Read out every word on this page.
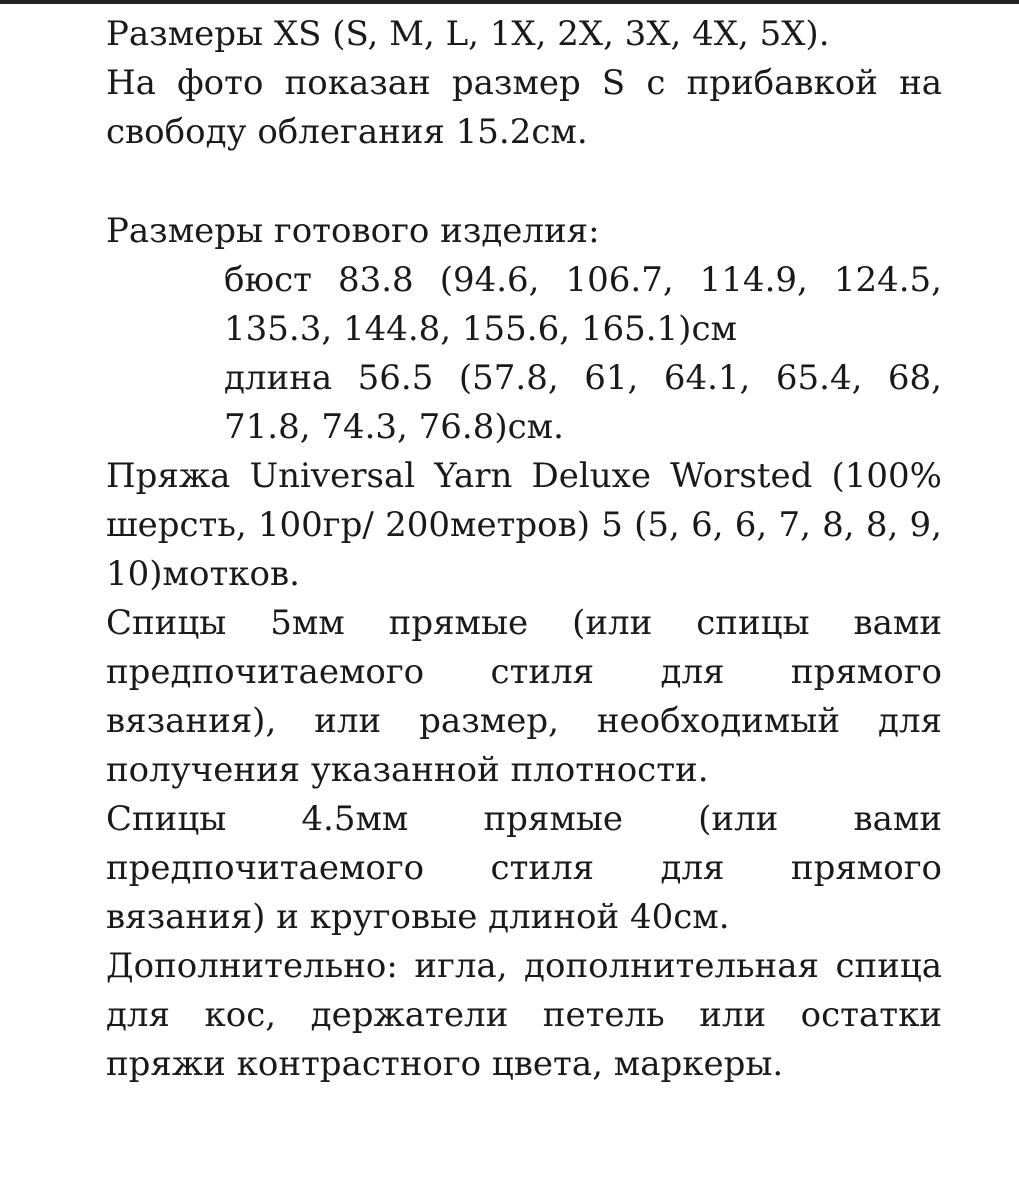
Размеры XS (S, M, L, 1X, 2X, 3X, 4X, 5X).

На фото показан размер S с прибавкой на свободу облегания 15.2см.

Размеры готового изделия:

бюст 83.8 (94.6, 106.7, 114.9, 124.5, 135.3, 144.8, 155.6, 165.1)см

длина 56.5 (57.8, 61, 64.1, 65.4, 68, 71.8, 74.3, 76.8)см.

Пряжа Universal Yarn Deluxe Worsted (100% шерсть, 100гр/ 200метров) 5 (5, 6, 6, 7, 8, 8, 9, 10)мотков.

Спицы 5мм прямые (или спицы вами предпочитаемого стиля для прямого вязания), или размер, необходимый для получения указанной плотности.

Спицы 4.5мм прямые (или вами предпочитаемого стиля для прямого вязания) и круговые длиной 40см.

Дополнительно: игла, дополнительная спица для кос, держатели петель или остатки пряжи контрастного цвета, маркеры.
